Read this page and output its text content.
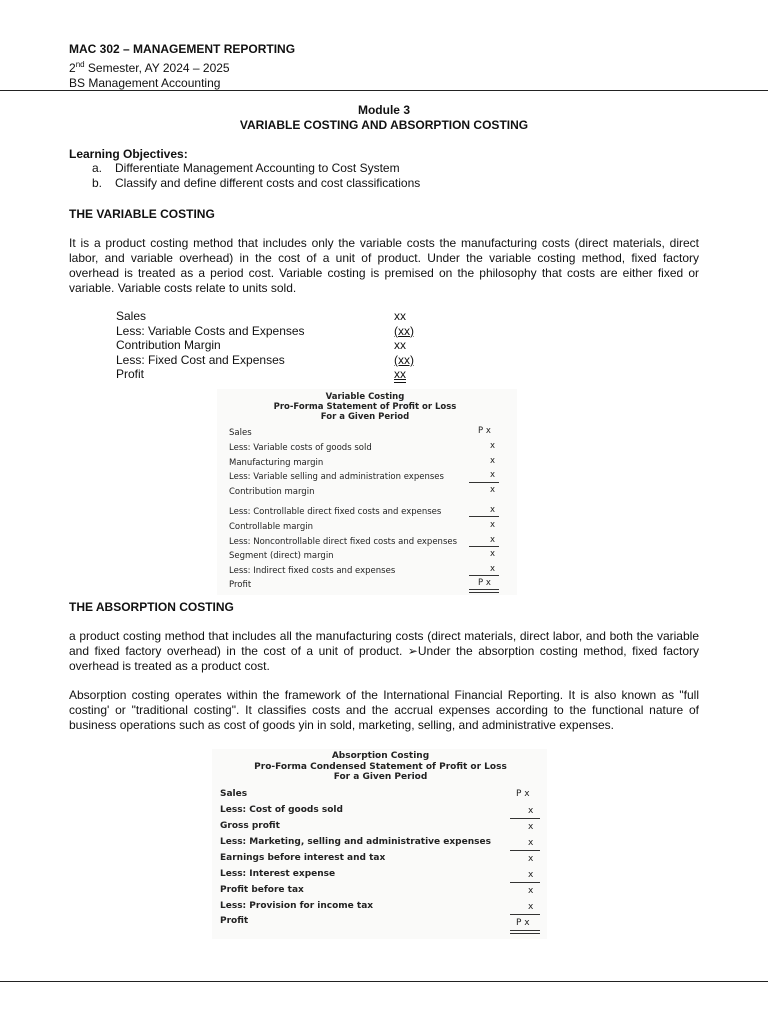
MAC 302 – MANAGEMENT REPORTING
2nd Semester, AY 2024 – 2025
BS Management Accounting
Module 3
VARIABLE COSTING AND ABSORPTION COSTING
Learning Objectives:
a.	Differentiate Management Accounting to Cost System
b.	Classify and define different costs and cost classifications
THE VARIABLE COSTING
It is a product costing method that includes only the variable costs the manufacturing costs (direct materials, direct labor, and variable overhead) in the cost of a unit of product. Under the variable costing method, fixed factory overhead is treated as a period cost. Variable costing is premised on the philosophy that costs are either fixed or variable. Variable costs relate to units sold.
Sales	xx
Less: Variable Costs and Expenses	(xx)
Contribution Margin	xx
Less: Fixed Cost and Expenses	(xx)
Profit	xx
Variable Costing
Pro-Forma Statement of Profit or Loss
For a Given Period
Sales	P x
Less: Variable costs of goods sold	x
Manufacturing margin	x
Less: Variable selling and administration expenses	x
Contribution margin	x
Less: Controllable direct fixed costs and expenses	x
Controllable margin	x
Less: Noncontrollable direct fixed costs and expenses	x
Segment (direct) margin	x
Less: Indirect fixed costs and expenses	x
Profit	P x
THE ABSORPTION COSTING
a product costing method that includes all the manufacturing costs (direct materials, direct labor, and both the variable and fixed factory overhead) in the cost of a unit of product. ➢Under the absorption costing method, fixed factory overhead is treated as a product cost.
Absorption costing operates within the framework of the International Financial Reporting. It is also known as "full costing' or "traditional costing". It classifies costs and the accrual expenses according to the functional nature of business operations such as cost of goods yin in sold, marketing, selling, and administrative expenses.
Absorption Costing
Pro-Forma Condensed Statement of Profit or Loss
For a Given Period
Sales	P x
Less: Cost of goods sold	x
Gross profit	x
Less: Marketing, selling and administrative expenses	x
Earnings before interest and tax	x
Less: Interest expense	x
Profit before tax	x
Less: Provision for income tax	x
Profit	P x
